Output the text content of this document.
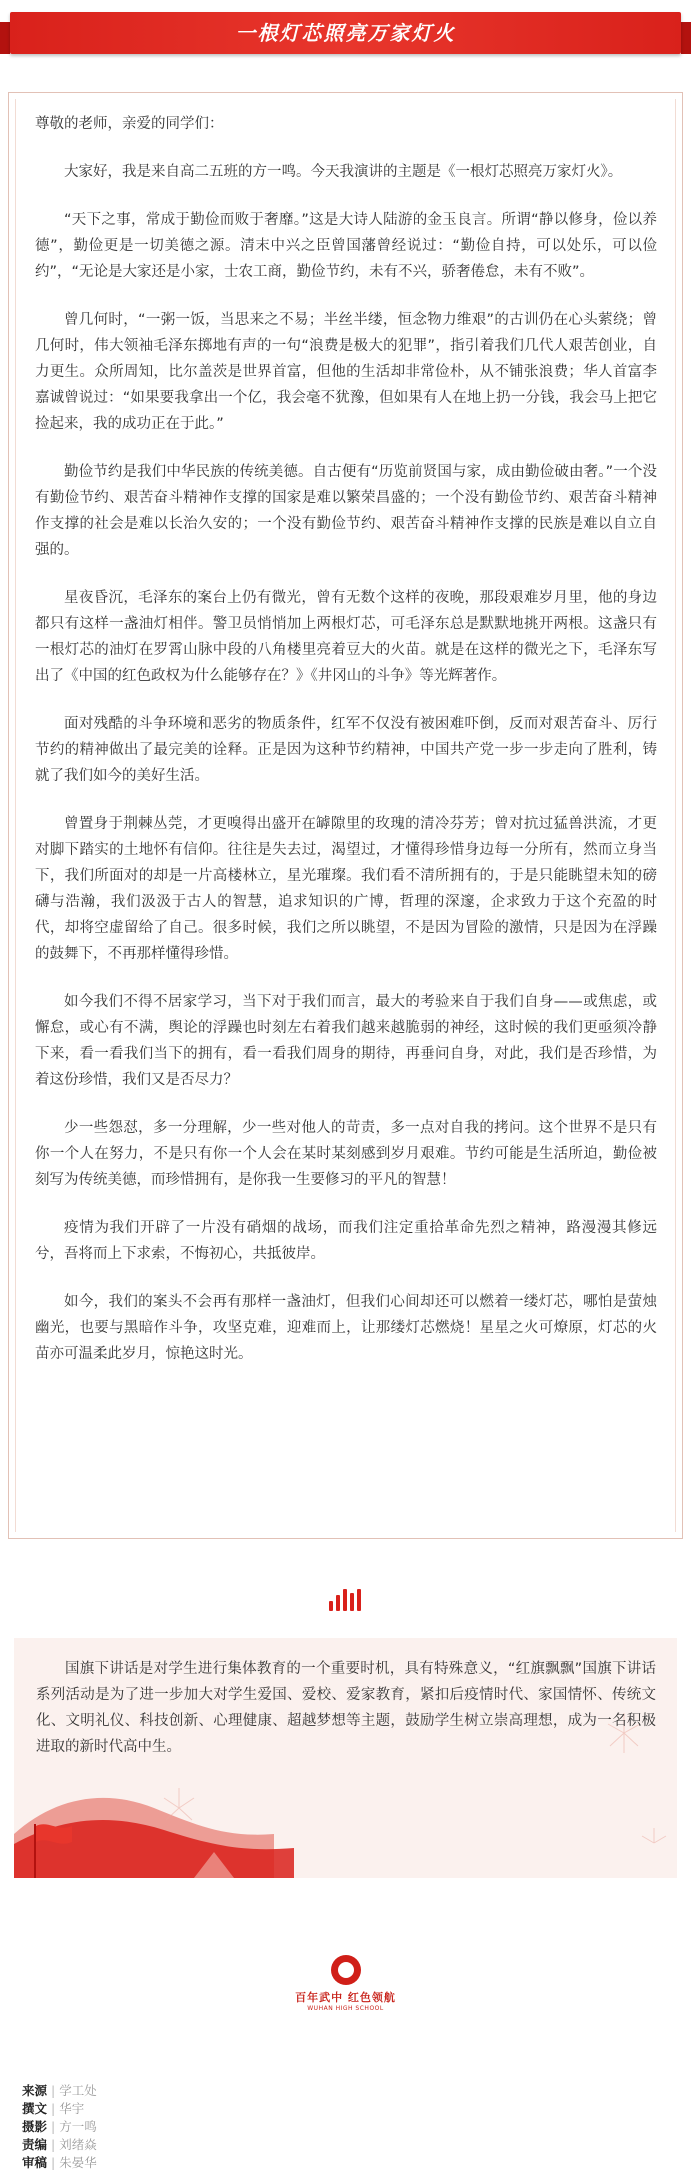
一根灯芯照亮万家灯火

尊敬的老师，亲爱的同学们：

大家好，我是来自高二五班的方一鸣。今天我演讲的主题是《一根灯芯照亮万家灯火》。

“天下之事，常成于勤俭而败于奢靡。”这是大诗人陆游的金玉良言。所谓“静以修身，俭以养德”，勤俭更是一切美德之源。清末中兴之臣曾国藩曾经说过：“勤俭自持，可以处乐，可以俭约”，“无论是大家还是小家，士农工商，勤俭节约，未有不兴，骄奢倦怠，未有不败”。

曾几何时，“一粥一饭，当思来之不易；半丝半缕，恒念物力维艰”的古训仍在心头萦绕；曾几何时，伟大领袖毛泽东掷地有声的一句“浪费是极大的犯罪”，指引着我们几代人艰苦创业，自力更生。众所周知，比尔盖茨是世界首富，但他的生活却非常俭朴，从不铺张浪费；华人首富李嘉诚曾说过：“如果要我拿出一个亿，我会毫不犹豫，但如果有人在地上扔一分钱，我会马上把它捡起来，我的成功正在于此。”

勤俭节约是我们中华民族的传统美德。自古便有“历览前贤国与家，成由勤俭破由奢。”一个没有勤俭节约、艰苦奋斗精神作支撑的国家是难以繁荣昌盛的；一个没有勤俭节约、艰苦奋斗精神作支撑的社会是难以长治久安的；一个没有勤俭节约、艰苦奋斗精神作支撑的民族是难以自立自强的。

星夜昏沉，毛泽东的案台上仍有微光，曾有无数个这样的夜晚，那段艰难岁月里，他的身边都只有这样一盏油灯相伴。警卫员悄悄加上两根灯芯，可毛泽东总是默默地挑开两根。这盏只有一根灯芯的油灯在罗霄山脉中段的八角楼里亮着豆大的火苗。就是在这样的微光之下，毛泽东写出了《中国的红色政权为什么能够存在？》《井冈山的斗争》等光辉著作。

面对残酷的斗争环境和恶劣的物质条件，红军不仅没有被困难吓倒，反而对艰苦奋斗、厉行节约的精神做出了最完美的诠释。正是因为这种节约精神，中国共产党一步一步走向了胜利，铸就了我们如今的美好生活。

曾置身于荆棘丛莞，才更嗅得出盛开在罅隙里的玫瑰的清冷芬芳；曾对抗过猛兽洪流，才更对脚下踏实的土地怀有信仰。往往是失去过，渴望过，才懂得珍惜身边每一分所有，然而立身当下，我们所面对的却是一片高楼林立，星光璀璨。我们看不清所拥有的，于是只能眺望未知的磅礴与浩瀚，我们汲汲于古人的智慧，追求知识的广博，哲理的深邃，企求致力于这个充盈的时代，却将空虚留给了自己。很多时候，我们之所以眺望，不是因为冒险的激情，只是因为在浮躁的鼓舞下，不再那样懂得珍惜。

如今我们不得不居家学习，当下对于我们而言，最大的考验来自于我们自身——或焦虑，或懈怠，或心有不满，舆论的浮躁也时刻左右着我们越来越脆弱的神经，这时候的我们更亟须冷静下来，看一看我们当下的拥有，看一看我们周身的期待，再垂问自身，对此，我们是否珍惜，为着这份珍惜，我们又是否尽力？

少一些怨怼，多一分理解，少一些对他人的苛责，多一点对自我的拷问。这个世界不是只有你一个人在努力，不是只有你一个人会在某时某刻感到岁月艰难。节约可能是生活所迫，勤俭被刻写为传统美德，而珍惜拥有，是你我一生要修习的平凡的智慧！

疫情为我们开辟了一片没有硝烟的战场，而我们注定重拾革命先烈之精神，路漫漫其修远兮，吾将而上下求索，不悔初心，共抵彼岸。

如今，我们的案头不会再有那样一盏油灯，但我们心间却还可以燃着一缕灯芯，哪怕是萤烛幽光，也要与黑暗作斗争，攻坚克难，迎难而上，让那缕灯芯燃烧！星星之火可燎原，灯芯的火苗亦可温柔此岁月，惊艳这时光。

国旗下讲话是对学生进行集体教育的一个重要时机，具有特殊意义，“红旗飘飘”国旗下讲话系列活动是为了进一步加大对学生爱国、爱校、爱家教育，紧扣后疫情时代、家国情怀、传统文化、文明礼仪、科技创新、心理健康、超越梦想等主题，鼓励学生树立崇高理想，成为一名积极进取的新时代高中生。

百年武中 红色领航
WUHAN HIGH SCHOOL
来源 | 学工处
撰文 | 华宇
摄影 | 方一鸣
责编 | 刘绪焱
审稿 | 朱晏华
